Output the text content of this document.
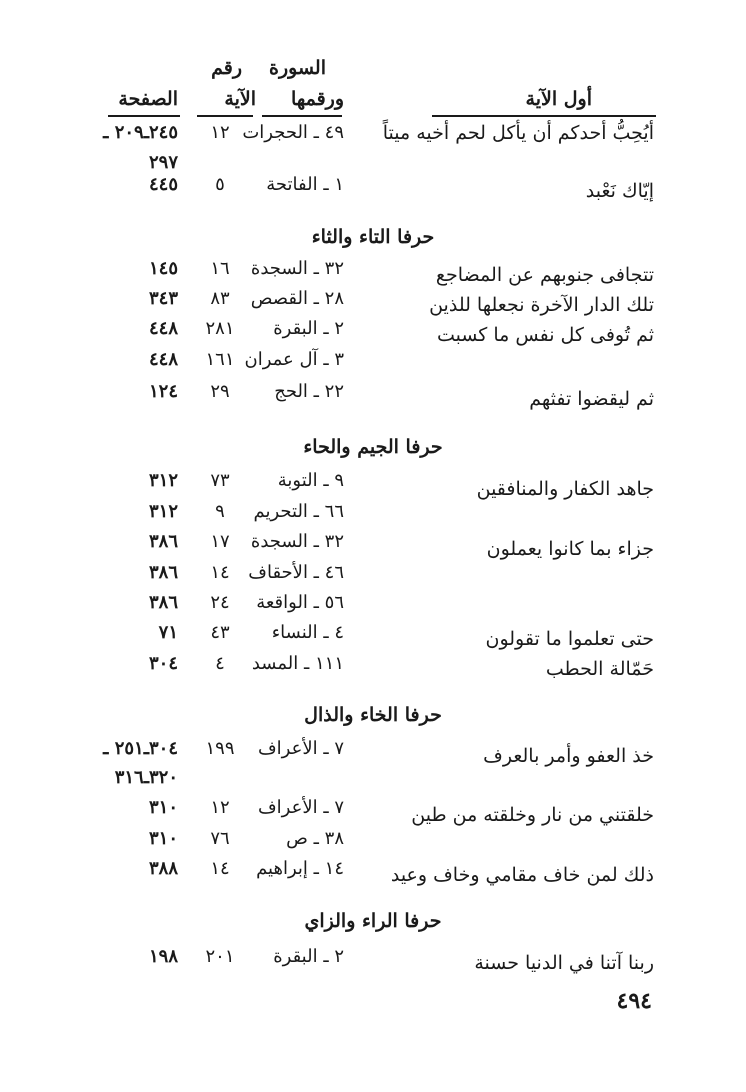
السورة
ورقمها
رقم
الآية
الصفحة	أول الآية
أيُحِبُّ أحدكم أن يأكل لحم أخيه ميتاً
٤٩ ـ الحجرات
١٢
٢٤٥ـ٢٠٩ ـ
٢٩٧
إيّاك نَعْبد
١ ـ الفاتحة
٥
٤٤٥
حرفا التاء والثاء
تتجافى جنوبهم عن المضاجع
٣٢ ـ السجدة
١٦
١٤٥
تلك الدار الآخرة نجعلها للذين
٢٨ ـ القصص
٨٣
٣٤٣
ثم تُوفى كل نفس ما كسبت
٢ ـ البقرة
٢٨١
٤٤٨
٣ ـ آل عمران
١٦١
٤٤٨
ثم ليقضوا تفثهم
٢٢ ـ الحج
٢٩
١٢٤
حرفا الجيم والحاء
جاهد الكفار والمنافقين
٩ ـ التوبة
٧٣
٣١٢
٦٦ ـ التحريم
٩
٣١٢
جزاء بما كانوا يعملون
٣٢ ـ السجدة
١٧
٣٨٦
٤٦ ـ الأحقاف
١٤
٣٨٦
٥٦ ـ الواقعة
٢٤
٣٨٦
حتى تعلموا ما تقولون
٤ ـ النساء
٤٣
٧١
حَمّالة الحطب
١١١ ـ المسد
٤
٣٠٤
حرفا الخاء والذال
خذ العفو وأمر بالعرف
٧ ـ الأعراف
١٩٩
٣٠٤ـ٢٥١ ـ
٣٢٠ـ٣١٦
خلقتني من نار وخلقته من طين
٧ ـ الأعراف
١٢
٣١٠
٣٨ ـ ص
٧٦
٣١٠
ذلك لمن خاف مقامي وخاف وعيد
١٤ ـ إبراهيم
١٤
٣٨٨
حرفا الراء والزاي
ربنا آتنا في الدنيا حسنة
٢ ـ البقرة
٢٠١
١٩٨
٤٩٤
